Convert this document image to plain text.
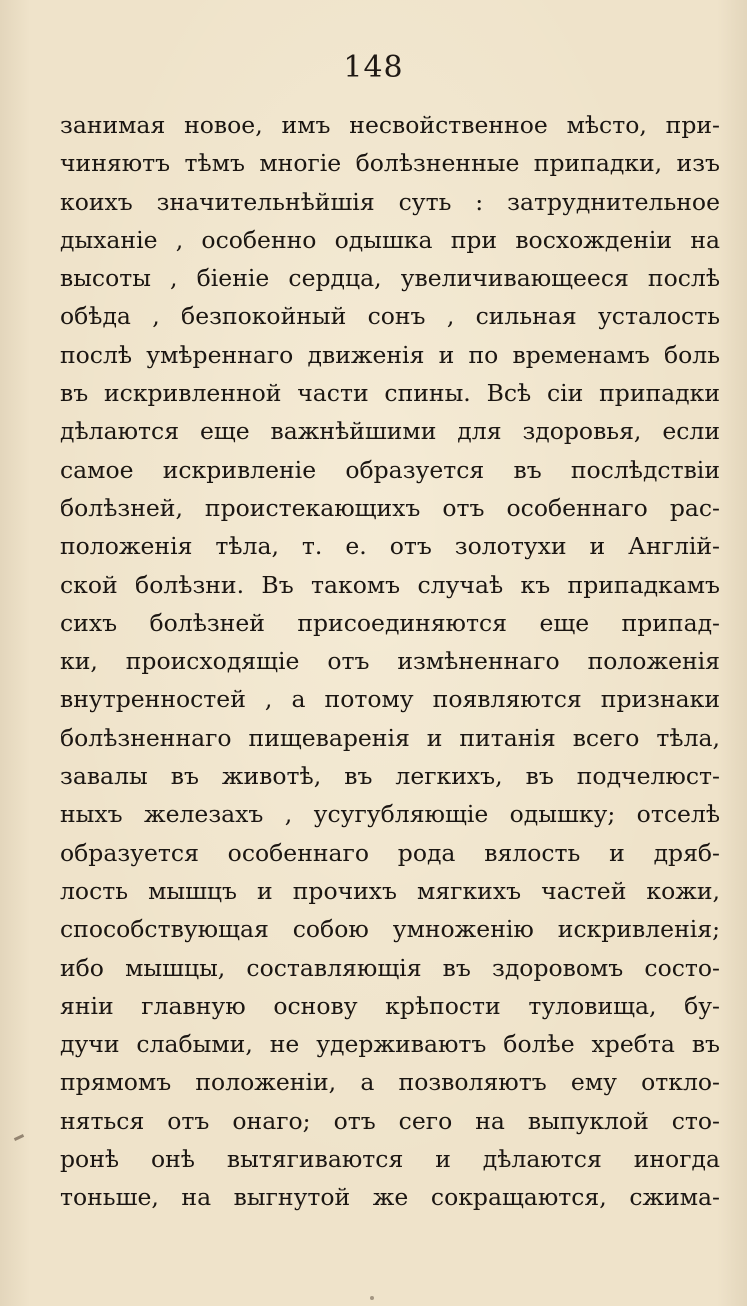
148
занимая новое, имъ несвойственное мѣсто, при-
чиняютъ тѣмъ многіе болѣзненные припадки, изъ
коихъ значительнѣйшія суть : затруднительное
дыханіе , особенно одышка при восхожденіи на
высоты , біеніе сердца, увеличивающееся послѣ
обѣда , безпокойный сонъ , сильная усталость
послѣ умѣреннаго движенія и по временамъ боль
въ искривленной части спины. Всѣ сіи припадки
дѣлаются еще важнѣйшими для здоровья, если
самое искривленіе образуется въ послѣдствіи
болѣзней, проистекающихъ отъ особеннаго рас-
положенія тѣла, т. е. отъ золотухи и Англій-
ской болѣзни. Въ такомъ случаѣ къ припадкамъ
сихъ болѣзней присоединяются еще припад-
ки, происходящіе отъ измѣненнаго положенія
внутренностей , а потому появляются признаки
болѣзненнаго пищеваренія и питанія всего тѣла,
завалы въ животѣ, въ легкихъ, въ подчелюст-
ныхъ железахъ , усугубляющіе одышку; отселѣ
образуется особеннаго рода вялость и дряб-
лость мышцъ и прочихъ мягкихъ частей кожи,
способствующая собою умноженію искривленія;
ибо мышцы, составляющія въ здоровомъ состо-
яніи главную основу крѣпости туловища, бу-
дучи слабыми, не удерживаютъ болѣе хребта въ
прямомъ положеніи, а позволяютъ ему откло-
няться отъ онаго; отъ сего на выпуклой сто-
ронѣ онѣ вытягиваются и дѣлаются иногда
тоньше, на выгнутой же сокращаются, сжима-
